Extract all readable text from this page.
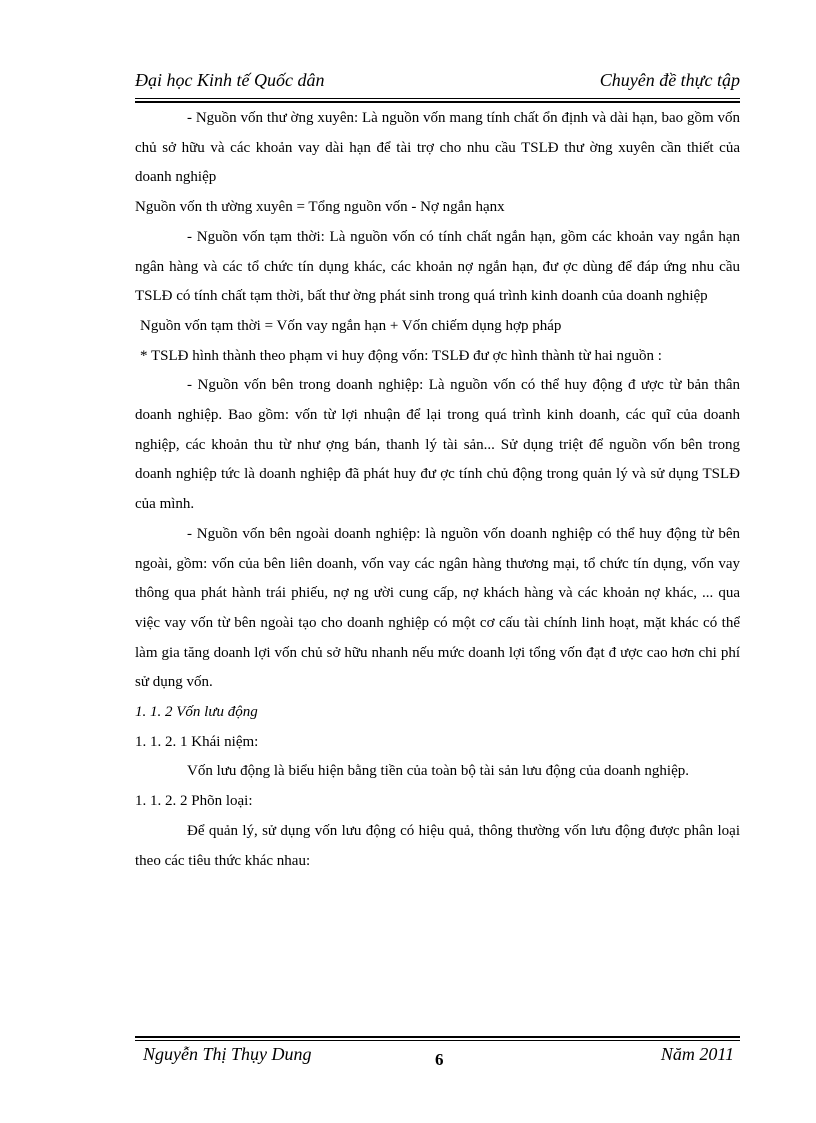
Đại học Kinh tế Quốc dân	Chuyên đề thực tập

- Nguồn vốn thư ờng xuyên: Là nguồn vốn mang tính chất ổn định và dài hạn, bao gồm vốn chủ sở hữu và các khoản vay dài hạn để tài trợ cho nhu cầu TSLĐ thư ờng xuyên cần thiết của doanh nghiệp

Nguồn vốn th ường xuyên = Tổng nguồn vốn - Nợ ngắn hạnx

- Nguồn vốn tạm thời: Là nguồn vốn có tính chất ngắn hạn, gồm các khoản vay ngắn hạn ngân hàng và các tổ chức tín dụng khác, các khoản nợ ngắn hạn, đư ợc dùng để đáp ứng nhu cầu TSLĐ có tính chất tạm thời, bất thư ờng phát sinh trong quá trình kinh doanh của doanh nghiệp

Nguồn vốn tạm thời = Vốn vay ngắn hạn + Vốn chiếm dụng hợp pháp

* TSLĐ hình thành theo phạm vi huy động vốn: TSLĐ đư ợc hình thành từ hai nguồn :

- Nguồn vốn bên trong doanh nghiệp: Là nguồn vốn có thể huy động đ ược từ bản thân doanh nghiệp. Bao gồm: vốn từ lợi nhuận để lại trong quá trình kinh doanh, các quĩ của doanh nghiệp, các khoản thu từ như ợng bán, thanh lý tài sản... Sử dụng triệt để nguồn vốn bên trong doanh nghiệp tức là doanh nghiệp đã phát huy đư ợc tính chủ động trong quản lý và sử dụng TSLĐ của mình.

- Nguồn vốn bên ngoài doanh nghiệp: là nguồn vốn doanh nghiệp có thể huy động từ bên ngoài, gồm: vốn của bên liên doanh, vốn vay các ngân hàng thương mại, tổ chức tín dụng, vốn vay thông qua phát hành trái phiếu, nợ ng ười cung cấp, nợ khách hàng và các khoản nợ khác, ... qua việc vay vốn từ bên ngoài tạo cho doanh nghiệp có một cơ cấu tài chính linh hoạt, mặt khác có thể làm gia tăng doanh lợi vốn chủ sở hữu nhanh nếu mức doanh lợi tổng vốn đạt đ ược cao hơn chi phí sử dụng vốn.

1. 1. 2 Vốn lưu động

1. 1. 2. 1 Khái niệm:

Vốn lưu động là biểu hiện bằng tiền của toàn bộ tài sản lưu động của doanh nghiệp.

1. 1. 2. 2 Phõn loại:

Để quản lý, sử dụng vốn lưu động có hiệu quả, thông thường vốn lưu động được phân loại theo các tiêu thức khác nhau:

Nguyễn Thị Thụy Dung	6	Năm 2011
